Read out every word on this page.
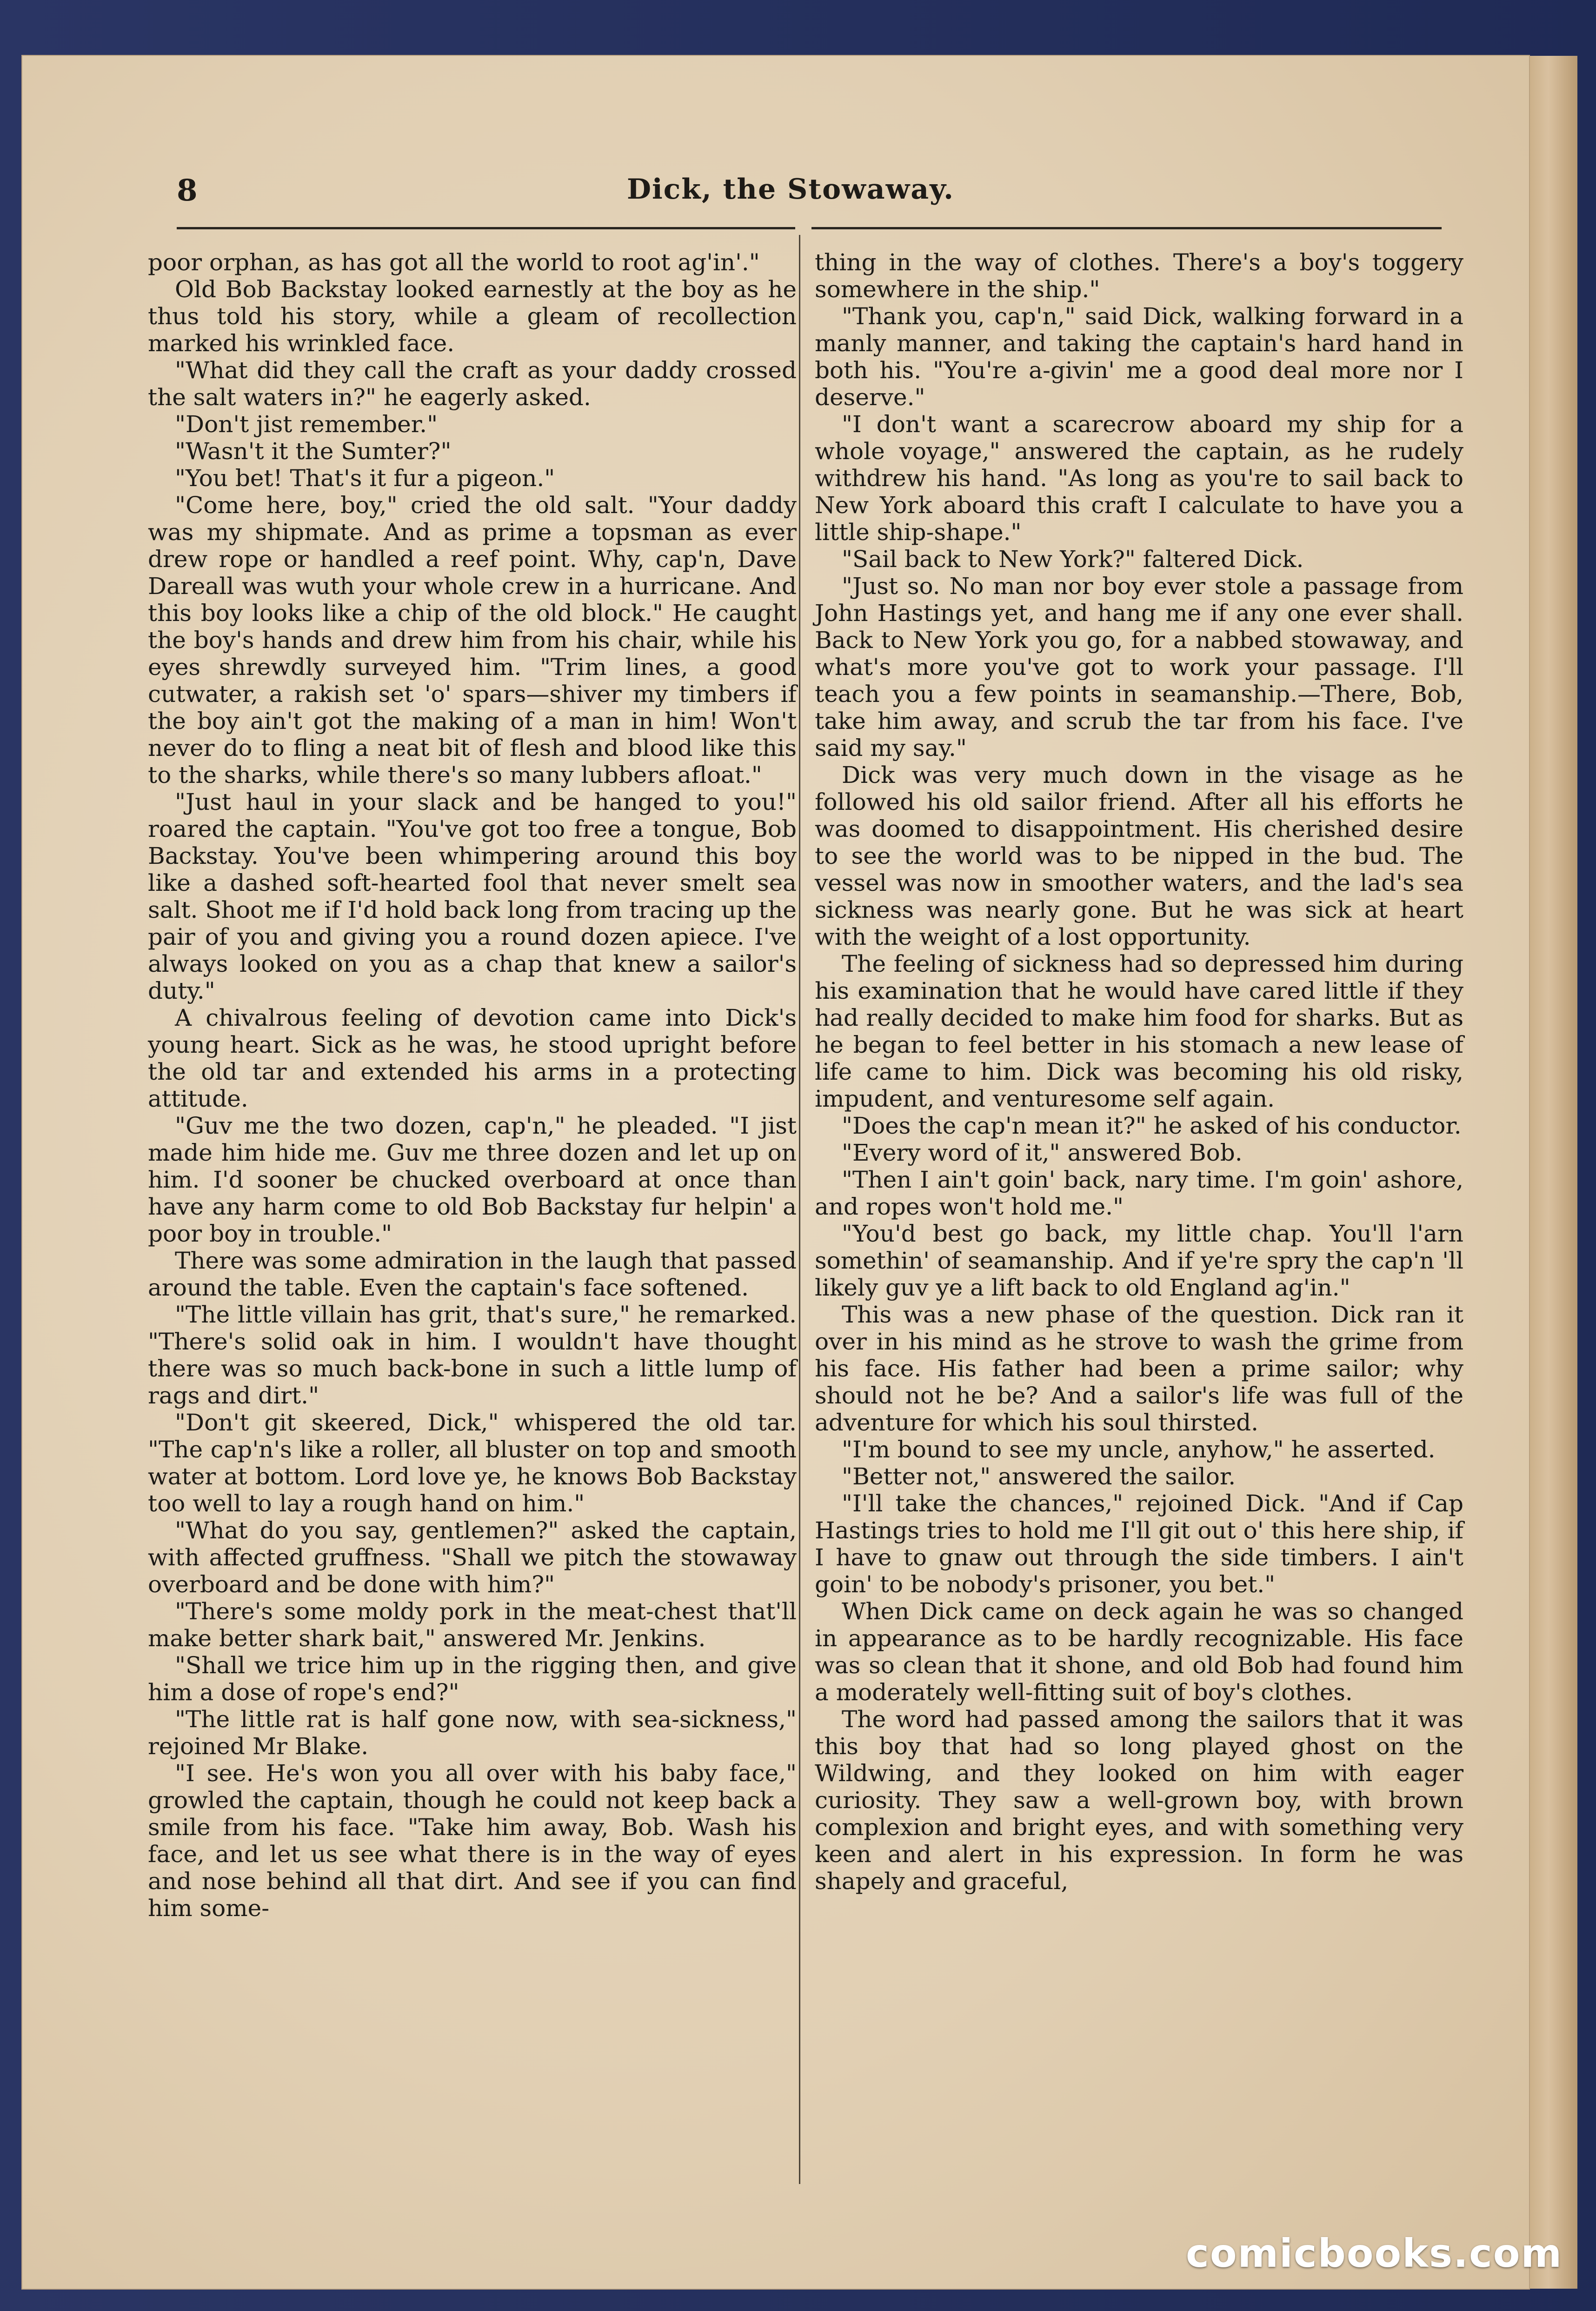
8	Dick, the Stowaway.

poor orphan, as has got all the world to root ag'in'."

Old Bob Backstay looked earnestly at the boy as he thus told his story, while a gleam of recollection marked his wrinkled face.

"What did they call the craft as your daddy crossed the salt waters in?" he eagerly asked.

"Don't jist remember."

"Wasn't it the Sumter?"

"You bet! That's it fur a pigeon."

"Come here, boy," cried the old salt. "Your daddy was my shipmate. And as prime a topsman as ever drew rope or handled a reef point. Why, cap'n, Dave Dareall was wuth your whole crew in a hurricane. And this boy looks like a chip of the old block." He caught the boy's hands and drew him from his chair, while his eyes shrewdly surveyed him. "Trim lines, a good cutwater, a rakish set 'o' spars—shiver my timbers if the boy ain't got the making of a man in him! Won't never do to fling a neat bit of flesh and blood like this to the sharks, while there's so many lubbers afloat."

"Just haul in your slack and be hanged to you!" roared the captain. "You've got too free a tongue, Bob Backstay. You've been whimpering around this boy like a dashed soft-hearted fool that never smelt sea salt. Shoot me if I'd hold back long from tracing up the pair of you and giving you a round dozen apiece. I've always looked on you as a chap that knew a sailor's duty."

A chivalrous feeling of devotion came into Dick's young heart. Sick as he was, he stood upright before the old tar and extended his arms in a protecting attitude.

"Guv me the two dozen, cap'n," he pleaded. "I jist made him hide me. Guv me three dozen and let up on him. I'd sooner be chucked overboard at once than have any harm come to old Bob Backstay fur helpin' a poor boy in trouble."

There was some admiration in the laugh that passed around the table. Even the captain's face softened.

"The little villain has grit, that's sure," he remarked. "There's solid oak in him. I wouldn't have thought there was so much back-bone in such a little lump of rags and dirt."

"Don't git skeered, Dick," whispered the old tar. "The cap'n's like a roller, all bluster on top and smooth water at bottom. Lord love ye, he knows Bob Backstay too well to lay a rough hand on him."

"What do you say, gentlemen?" asked the captain, with affected gruffness. "Shall we pitch the stowaway overboard and be done with him?"

"There's some moldy pork in the meat-chest that'll make better shark bait," answered Mr. Jenkins.

"Shall we trice him up in the rigging then, and give him a dose of rope's end?"

"The little rat is half gone now, with sea-sickness," rejoined Mr Blake.

"I see. He's won you all over with his baby face," growled the captain, though he could not keep back a smile from his face. "Take him away, Bob. Wash his face, and let us see what there is in the way of eyes and nose behind all that dirt. And see if you can find him some-

thing in the way of clothes. There's a boy's toggery somewhere in the ship."

"Thank you, cap'n," said Dick, walking forward in a manly manner, and taking the captain's hard hand in both his. "You're a-givin' me a good deal more nor I deserve."

"I don't want a scarecrow aboard my ship for a whole voyage," answered the captain, as he rudely withdrew his hand. "As long as you're to sail back to New York aboard this craft I calculate to have you a little ship-shape."

"Sail back to New York?" faltered Dick.

"Just so. No man nor boy ever stole a passage from John Hastings yet, and hang me if any one ever shall. Back to New York you go, for a nabbed stowaway, and what's more you've got to work your passage. I'll teach you a few points in seamanship.—There, Bob, take him away, and scrub the tar from his face. I've said my say."

Dick was very much down in the visage as he followed his old sailor friend. After all his efforts he was doomed to disappointment. His cherished desire to see the world was to be nipped in the bud. The vessel was now in smoother waters, and the lad's sea sickness was nearly gone. But he was sick at heart with the weight of a lost opportunity.

The feeling of sickness had so depressed him during his examination that he would have cared little if they had really decided to make him food for sharks. But as he began to feel better in his stomach a new lease of life came to him. Dick was becoming his old risky, impudent, and venturesome self again.

"Does the cap'n mean it?" he asked of his conductor.

"Every word of it," answered Bob.

"Then I ain't goin' back, nary time. I'm goin' ashore, and ropes won't hold me."

"You'd best go back, my little chap. You'll l'arn somethin' of seamanship. And if ye're spry the cap'n 'll likely guv ye a lift back to old England ag'in."

This was a new phase of the question. Dick ran it over in his mind as he strove to wash the grime from his face. His father had been a prime sailor; why should not he be? And a sailor's life was full of the adventure for which his soul thirsted.

"I'm bound to see my uncle, anyhow," he asserted.

"Better not," answered the sailor.

"I'll take the chances," rejoined Dick. "And if Cap Hastings tries to hold me I'll git out o' this here ship, if I have to gnaw out through the side timbers. I ain't goin' to be nobody's prisoner, you bet."

When Dick came on deck again he was so changed in appearance as to be hardly recognizable. His face was so clean that it shone, and old Bob had found him a moderately well-fitting suit of boy's clothes.

The word had passed among the sailors that it was this boy that had so long played ghost on the Wildwing, and they looked on him with eager curiosity. They saw a well-grown boy, with brown complexion and bright eyes, and with something very keen and alert in his expression. In form he was shapely and graceful,

comicbooks.com
